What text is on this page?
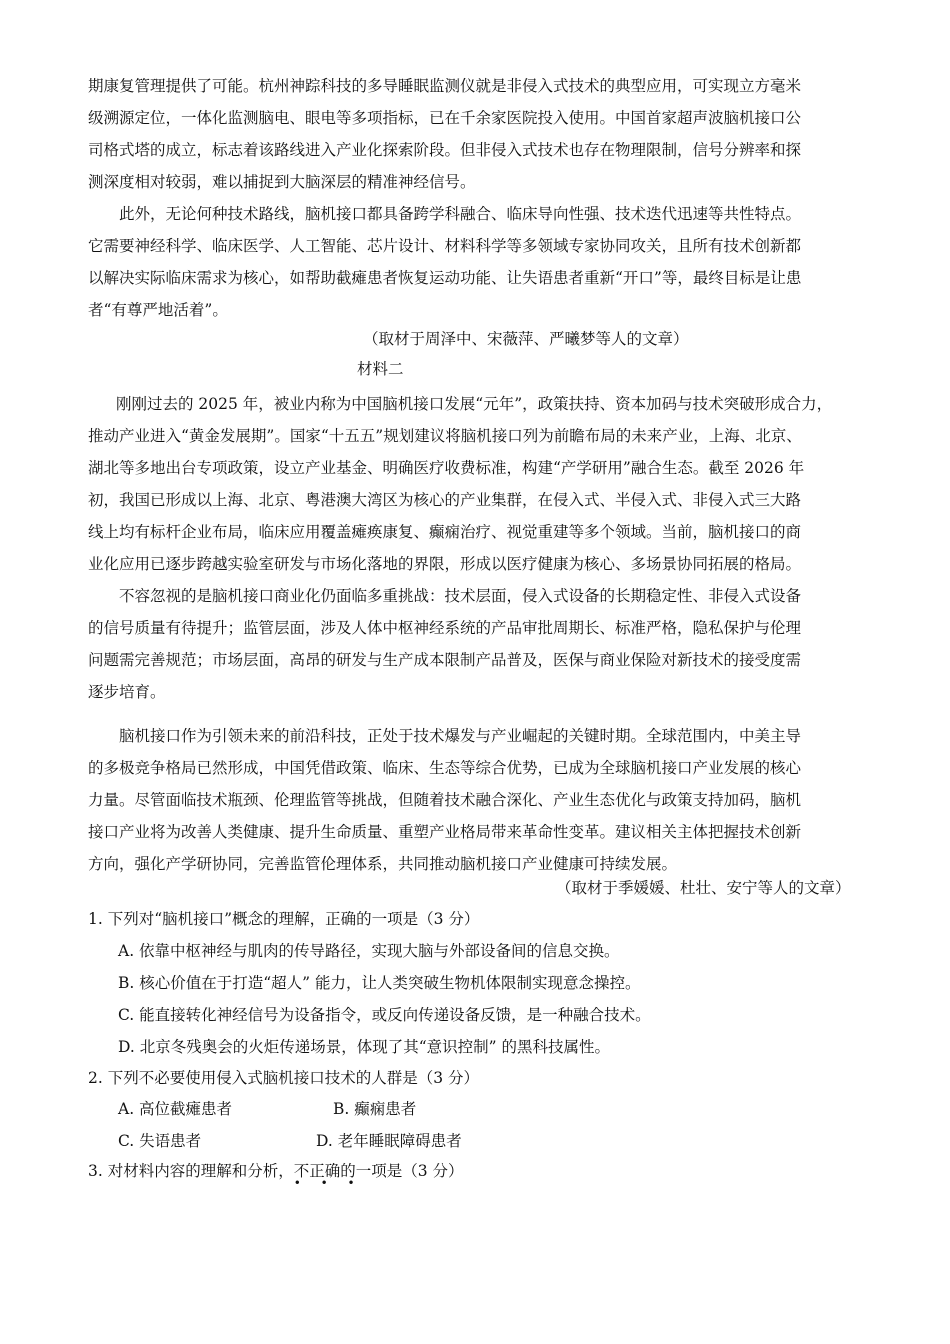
期康复管理提供了可能。杭州神踪科技的多导睡眠监测仪就是非侵入式技术的典型应用，可实现立方毫米
级溯源定位，一体化监测脑电、眼电等多项指标，已在千余家医院投入使用。中国首家超声波脑机接口公
司格式塔的成立，标志着该路线进入产业化探索阶段。但非侵入式技术也存在物理限制，信号分辨率和探
测深度相对较弱，难以捕捉到大脑深层的精准神经信号。

此外，无论何种技术路线，脑机接口都具备跨学科融合、临床导向性强、技术迭代迅速等共性特点。
它需要神经科学、临床医学、人工智能、芯片设计、材料科学等多领域专家协同攻关，且所有技术创新都
以解决实际临床需求为核心，如帮助截瘫患者恢复运动功能、让失语患者重新“开口”等，最终目标是让患
者“有尊严地活着”。

（取材于周泽中、宋薇萍、严曦梦等人的文章）
材料二

刚刚过去的 2025 年，被业内称为中国脑机接口发展“元年”，政策扶持、资本加码与技术突破形成合力，
推动产业进入“黄金发展期”。国家“十五五”规划建议将脑机接口列为前瞻布局的未来产业，上海、北京、
湖北等多地出台专项政策，设立产业基金、明确医疗收费标准，构建“产学研用”融合生态。截至 2026 年
初，我国已形成以上海、北京、粤港澳大湾区为核心的产业集群，在侵入式、半侵入式、非侵入式三大路
线上均有标杆企业布局，临床应用覆盖瘫痪康复、癫痫治疗、视觉重建等多个领域。当前，脑机接口的商
业化应用已逐步跨越实验室研发与市场化落地的界限，形成以医疗健康为核心、多场景协同拓展的格局。

不容忽视的是脑机接口商业化仍面临多重挑战：技术层面，侵入式设备的长期稳定性、非侵入式设备
的信号质量有待提升；监管层面，涉及人体中枢神经系统的产品审批周期长、标准严格，隐私保护与伦理
问题需完善规范；市场层面，高昂的研发与生产成本限制产品普及，医保与商业保险对新技术的接受度需
逐步培育。

脑机接口作为引领未来的前沿科技，正处于技术爆发与产业崛起的关键时期。全球范围内，中美主导
的多极竞争格局已然形成，中国凭借政策、临床、生态等综合优势，已成为全球脑机接口产业发展的核心
力量。尽管面临技术瓶颈、伦理监管等挑战，但随着技术融合深化、产业生态优化与政策支持加码，脑机
接口产业将为改善人类健康、提升生命质量、重塑产业格局带来革命性变革。建议相关主体把握技术创新
方向，强化产学研协同，完善监管伦理体系，共同推动脑机接口产业健康可持续发展。

（取材于季媛媛、杜壮、安宁等人的文章）
1. 下列对“脑机接口”概念的理解，正确的一项是（3 分）
A. 依靠中枢神经与肌肉的传导路径，实现大脑与外部设备间的信息交换。
B. 核心价值在于打造“超人” 能力，让人类突破生物机体限制实现意念操控。
C. 能直接转化神经信号为设备指令，或反向传递设备反馈，是一种融合技术。
D. 北京冬残奥会的火炬传递场景，体现了其“意识控制” 的黑科技属性。
2. 下列不必要使用侵入式脑机接口技术的人群是（3 分）
A. 高位截瘫患者	B. 癫痫患者
C. 失语患者	D. 老年睡眠障碍患者
3. 对材料内容的理解和分析，不正确
• • •
的一项是（3 分）
